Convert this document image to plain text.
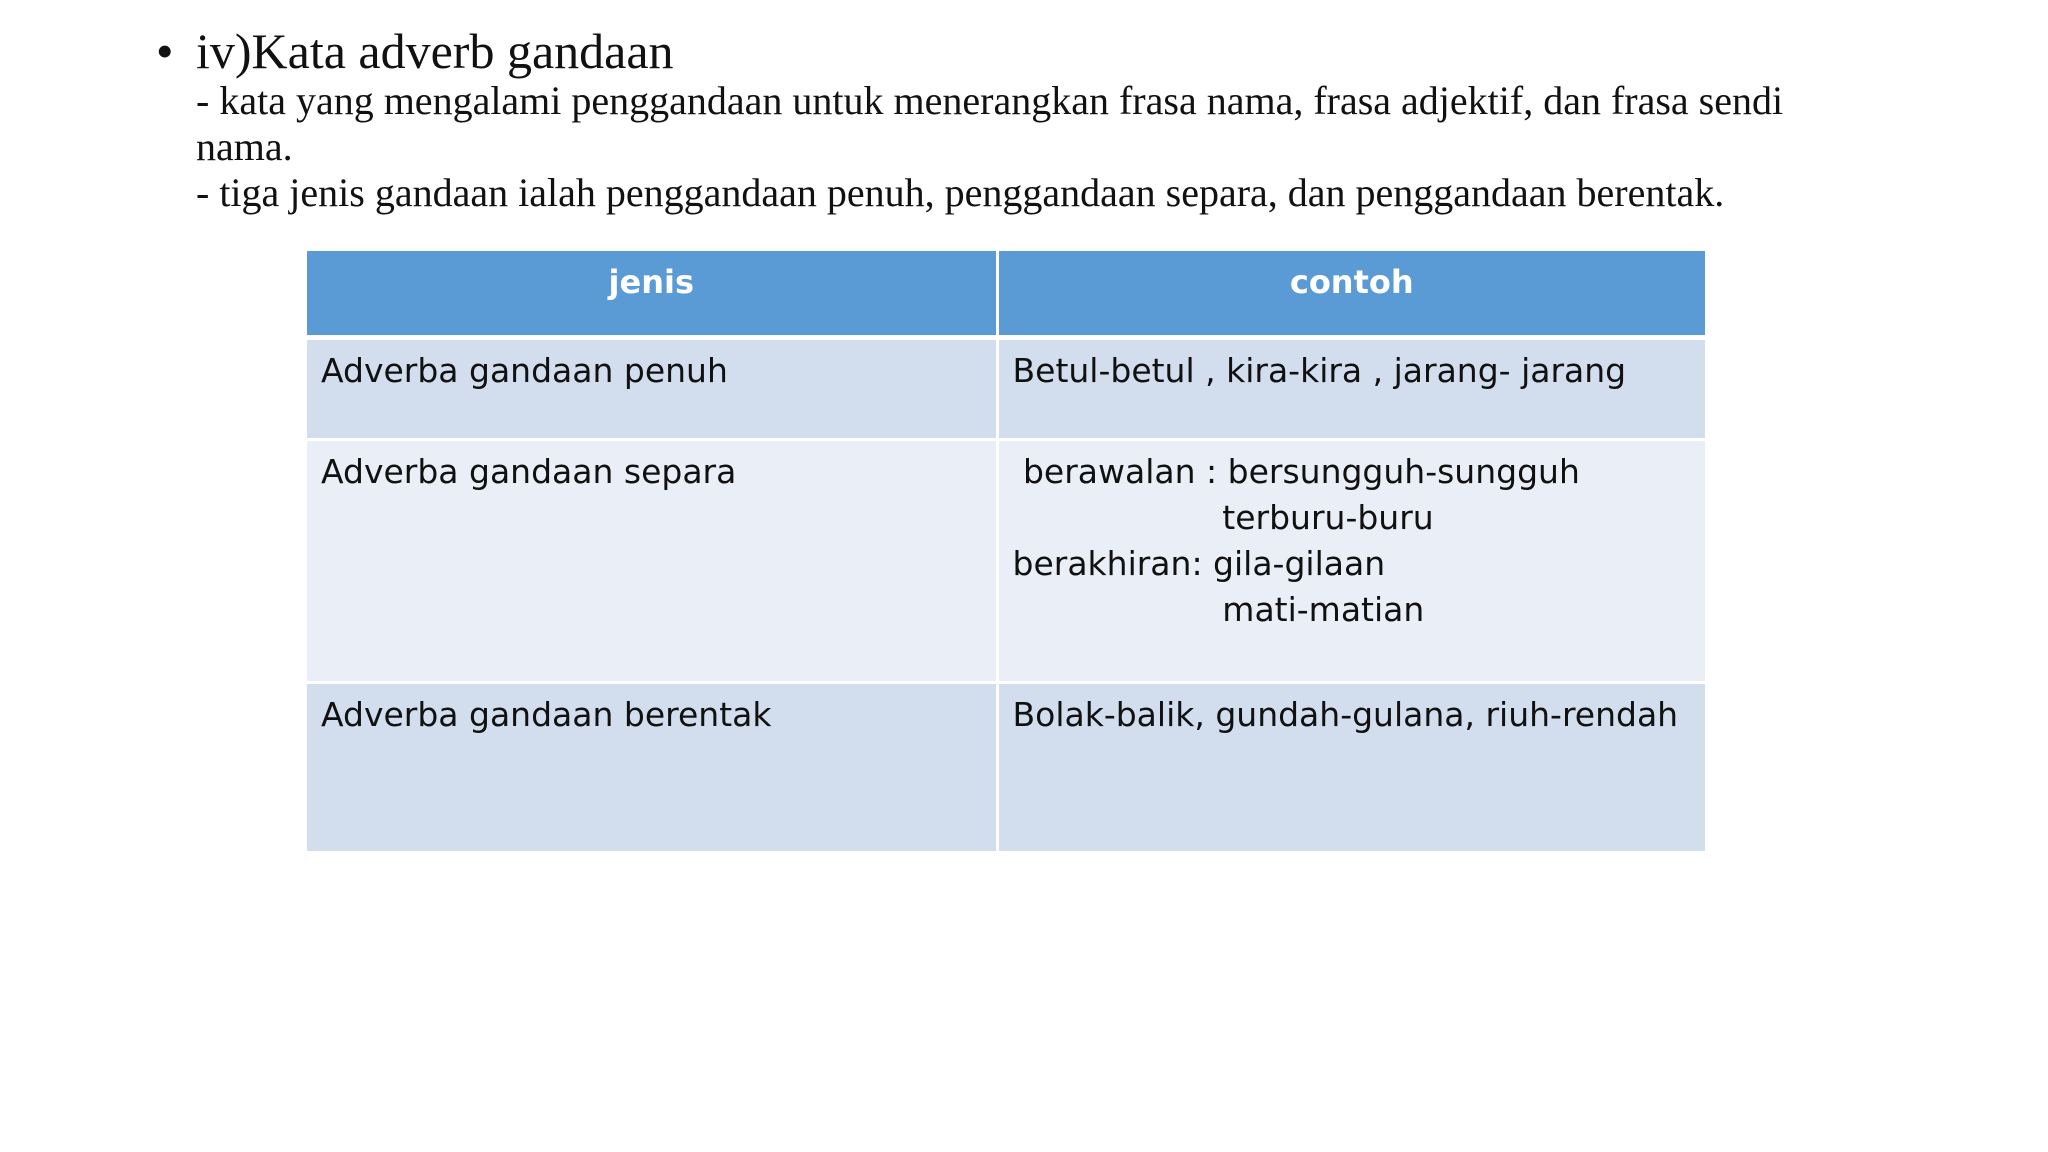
• iv)Kata adverb gandaan
- kata yang mengalami penggandaan untuk menerangkan frasa nama, frasa adjektif, dan frasa sendi
nama.
- tiga jenis gandaan ialah penggandaan penuh, penggandaan separa, dan penggandaan berentak.
jenis	contoh
Adverba gandaan penuh	Betul-betul , kira-kira , jarang- jarang

Adverba gandaan separa	berawalan : bersungguh-sungguh
terburu-buru
berakhiran: gila-gilaan
mati-matian

Adverba gandaan berentak	Bolak-balik, gundah-gulana, riuh-rendah
